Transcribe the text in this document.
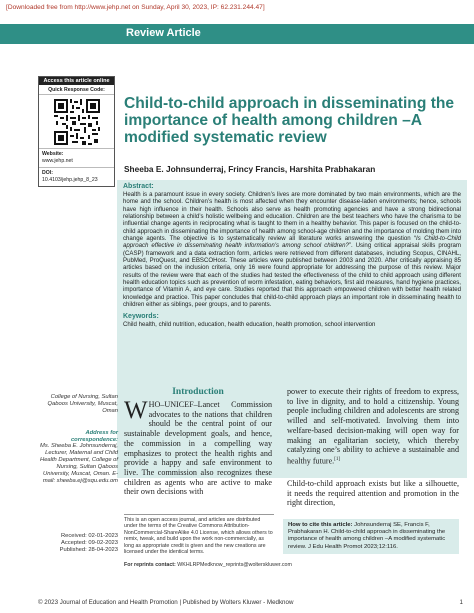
[Downloaded free from http://www.jehp.net on Sunday, April 30, 2023, IP: 62.231.244.47]
Review Article
Access this article online
Quick Response Code:
Website:
www.jehp.net
DOI:
10.4103/jehp.jehp_8_23
Child-to-child approach in disseminating the importance of health among children –A modified systematic review
Sheeba E. Johnsunderraj, Frincy Francis, Harshita Prabhakaran
Abstract:

Health is a paramount issue in every society. Children’s lives are more dominated by two main environments, which are the home and the school. Children’s health is most affected when they encounter disease-laden environments; hence, schools have high influence in their health. Schools also serve as health promoting agencies and have a strong bidirectional relationship between a child’s holistic wellbeing and education. Children are the best teachers who have the charisma to be influential change agents in reciprocating what is taught to them in a healthy behavior. This paper is focused on the child-to-child approach in disseminating the importance of health among school-age children and the importance of molding them into change agents. The objective is to systematically review all literature works answering the question “Is Child-to-Child approach effective in disseminating health information’s among school children?”. Using critical appraisal skills program (CASP) framework and a data extraction form, articles were retrieved from different databases, including Scopus, CINAHL, PubMed, ProQuest, and EBSCOHost. These articles were published between 2003 and 2020. After critically appraising 85 articles based on the inclusion criteria, only 16 were found appropriate for addressing the purpose of this review. Major results of the review were that each of the studies had tested the effectiveness of the child to child approach using different health education topics such as prevention of worm infestation, eating behaviors, first aid measures, hand hygiene practices, importance of Vitamin A, and eye care. Studies reported that this approach empowered children with better health related knowledge and practice. This paper concludes that child-to-child approach plays an important role in disseminating health to children either as siblings, peer groups, and to parents.

Keywords:

Child health, child nutrition, education, health education, health promotion, school intervention

Introduction
WHO–UNICEF–Lancet Commission advocates to the nations that children should be the central point of our sustainable development goals, and hence, the commission in a compelling way emphasizes to protect the health rights and provide a happy and safe environment to live. The commission also recognizes these children as agents who are active to make their own decisions with
power to execute their rights of freedom to express, to live in dignity, and to hold a citizenship. Young people including children and adolescents are strong willed and self-motivated. Involving them into welfare-based decision-making will open way for making an egalitarian society, which thereby catalyzing one’s ability to achieve a sustainable and healthy future.[1]
Child-to-child approach exists but like a silhouette, it needs the required attention and promotion in the right direction,
College of Nursing, Sultan Qaboos University, Muscat, Oman
Address for correspondence:
Ms. Sheeba E. Johnsunderraj, Lecturer, Maternal and Child Health Department, College of Nursing, Sultan Qaboos University, Muscat, Oman. E-mail: sheeba.ej@squ.edu.om
Received: 02-01-2023
Accepted: 09-02-2023
Published: 28-04-2023
This is an open access journal, and articles are distributed under the terms of the Creative Commons Attribution-NonCommercial-ShareAlike 4.0 License, which allows others to remix, tweak, and build upon the work non-commercially, as long as appropriate credit is given and the new creations are licensed under the identical terms.
For reprints contact: WKHLRPMedknow_reprints@wolterskluwer.com
How to cite this article: Johnsunderraj SE, Francis F, Prabhakaran H. Child-to-child approach in disseminating the importance of health among children –A modified systematic review. J Edu Health Promot 2023;12:116.
© 2023 Journal of Education and Health Promotion | Published by Wolters Kluwer - Medknow	1
